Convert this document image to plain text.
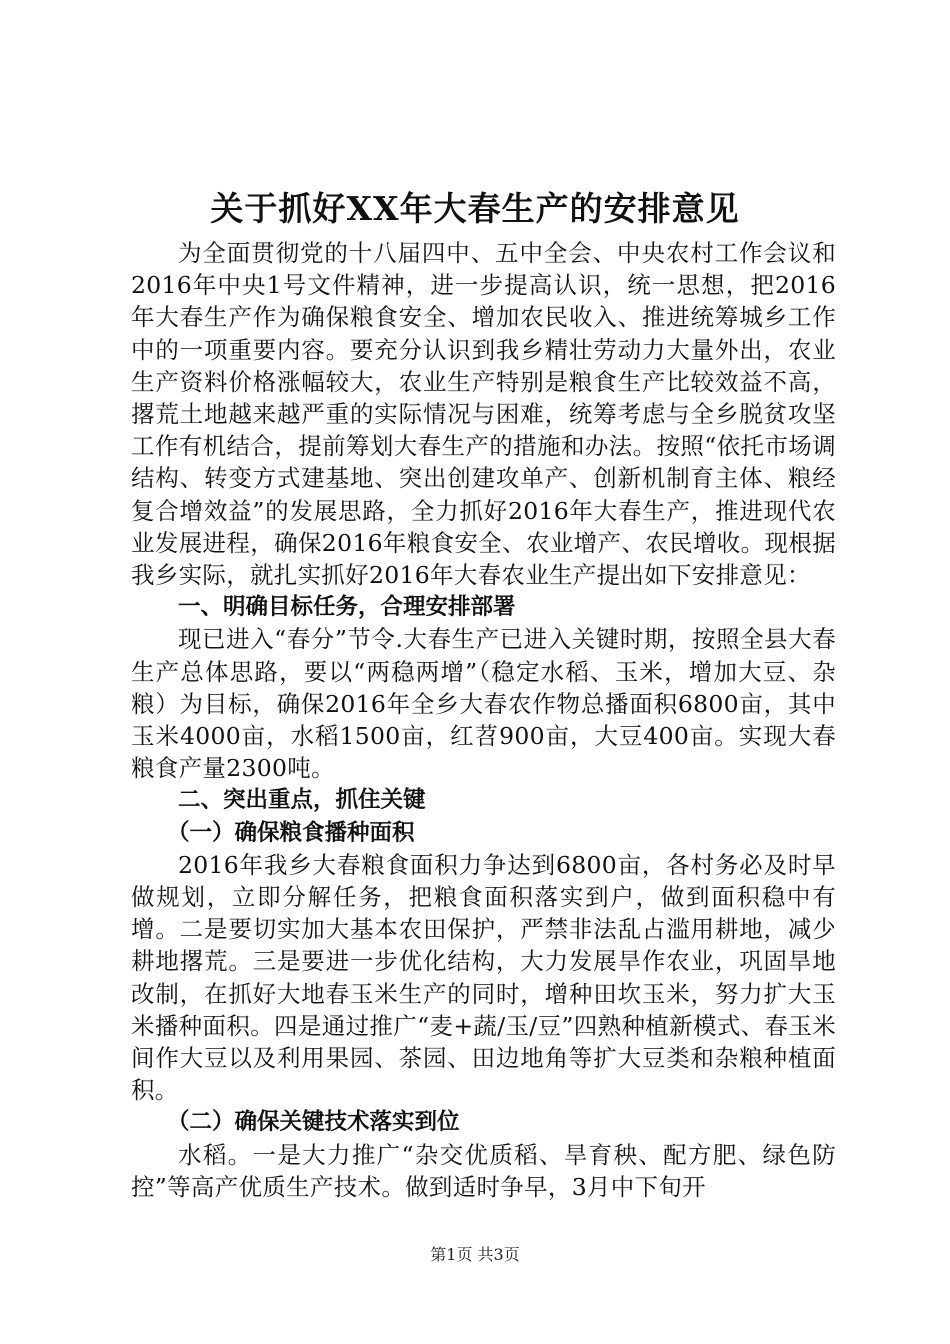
关于抓好XX年大春生产的安排意见

为全面贯彻党的十八届四中、五中全会、中央农村工作会议和2016年中央1号文件精神，进一步提高认识，统一思想，把2016年大春生产作为确保粮食安全、增加农民收入、推进统筹城乡工作中的一项重要内容。要充分认识到我乡精壮劳动力大量外出，农业生产资料价格涨幅较大，农业生产特别是粮食生产比较效益不高，撂荒土地越来越严重的实际情况与困难，统筹考虑与全乡脱贫攻坚工作有机结合，提前筹划大春生产的措施和办法。按照“依托市场调结构、转变方式建基地、突出创建攻单产、创新机制育主体、粮经复合增效益”的发展思路，全力抓好2016年大春生产，推进现代农业发展进程，确保2016年粮食安全、农业增产、农民增收。现根据我乡实际，就扎实抓好2016年大春农业生产提出如下安排意见：

一、明确目标任务，合理安排部署

现已进入“春分”节令.大春生产已进入关键时期，按照全县大春生产总体思路，要以“两稳两增”（稳定水稻、玉米，增加大豆、杂粮）为目标，确保2016年全乡大春农作物总播面积6800亩，其中玉米4000亩，水稻1500亩，红苕900亩，大豆400亩。实现大春粮食产量2300吨。

二、突出重点，抓住关键

（一）确保粮食播种面积

2016年我乡大春粮食面积力争达到6800亩，各村务必及时早做规划，立即分解任务，把粮食面积落实到户，做到面积稳中有增。二是要切实加大基本农田保护，严禁非法乱占滥用耕地，减少耕地撂荒。三是要进一步优化结构，大力发展旱作农业，巩固旱地改制，在抓好大地春玉米生产的同时，增种田坎玉米，努力扩大玉米播种面积。四是通过推广“麦+蔬/玉/豆”四熟种植新模式、春玉米间作大豆以及利用果园、茶园、田边地角等扩大豆类和杂粮种植面积。

（二）确保关键技术落实到位

水稻。一是大力推广“杂交优质稻、旱育秧、配方肥、绿色防控”等高产优质生产技术。做到适时争早，3月中下旬开

第1页 共3页
